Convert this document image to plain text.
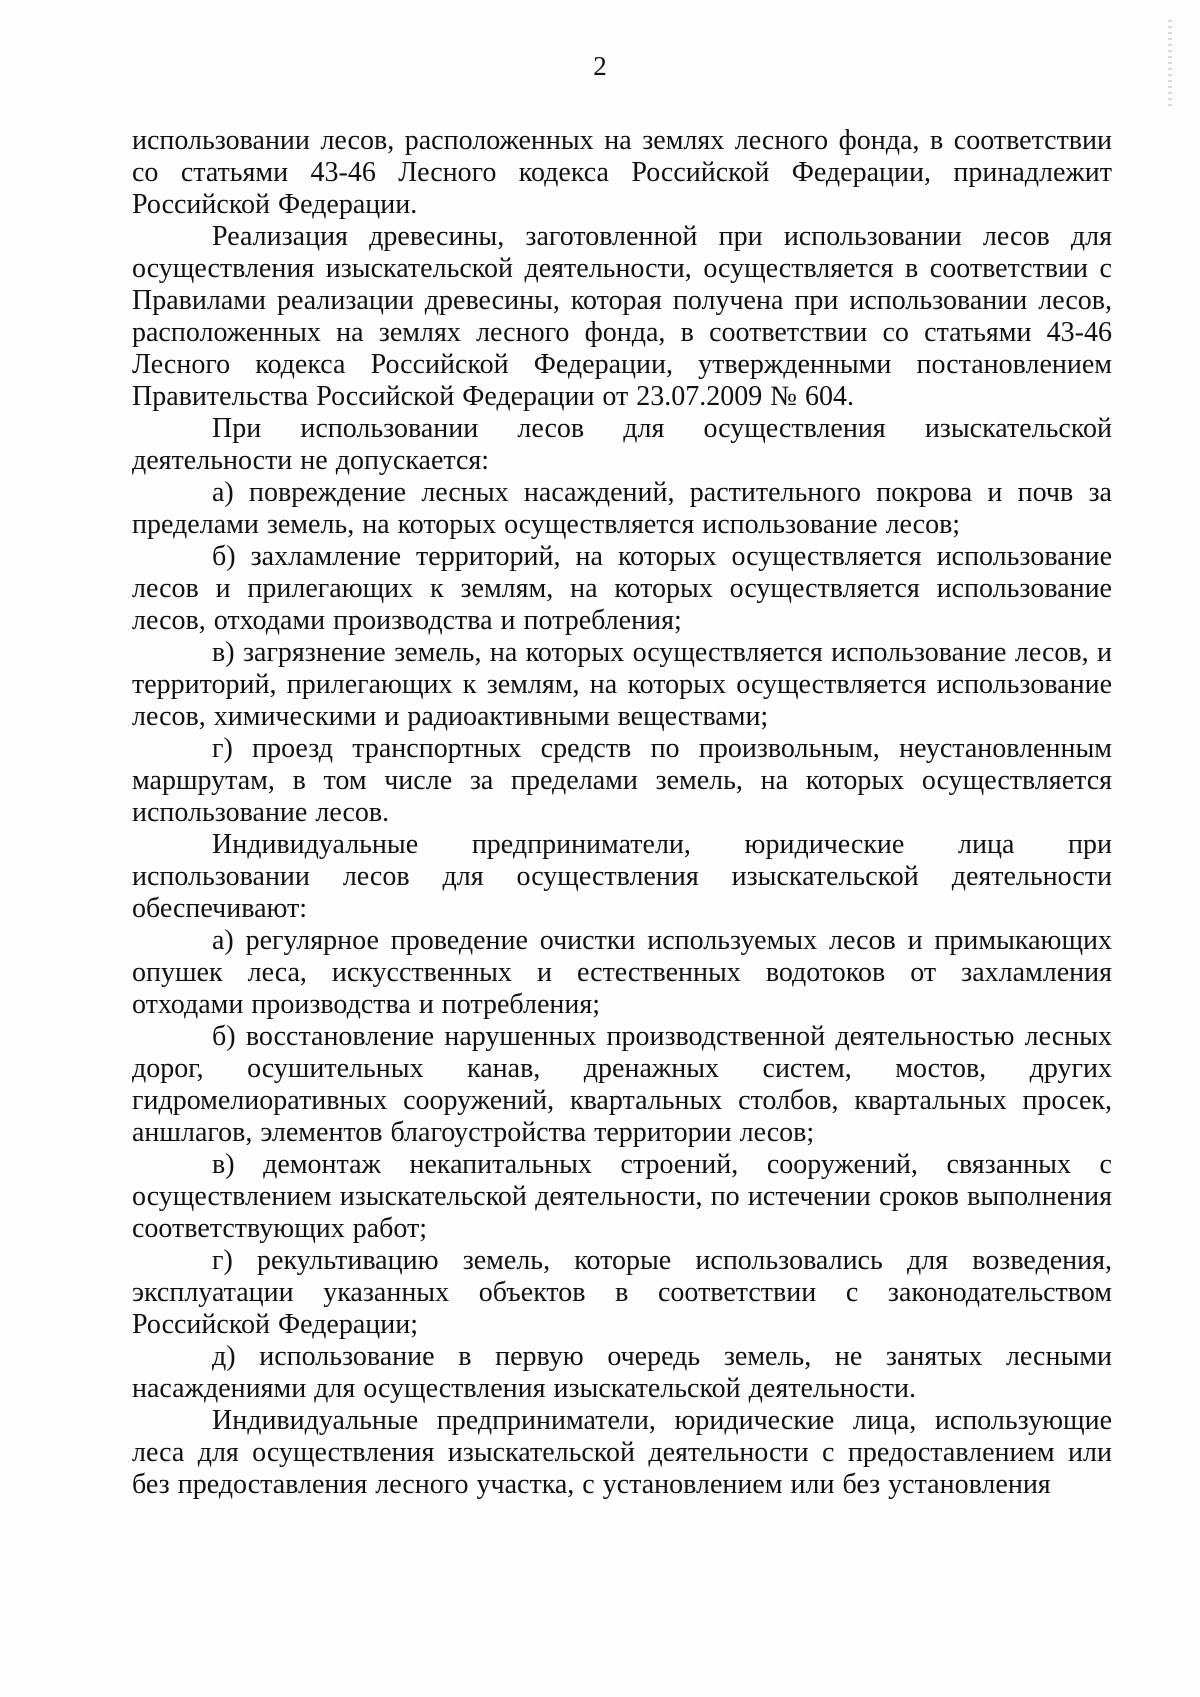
2

использовании лесов, расположенных на землях лесного фонда, в соответствии со статьями 43-46 Лесного кодекса Российской Федерации, принадлежит Российской Федерации.

Реализация древесины, заготовленной при использовании лесов для осуществления изыскательской деятельности, осуществляется в соответствии с Правилами реализации древесины, которая получена при использовании лесов, расположенных на землях лесного фонда, в соответствии со статьями 43-46 Лесного кодекса Российской Федерации, утвержденными постановлением Правительства Российской Федерации от 23.07.2009 № 604.

При использовании лесов для осуществления изыскательской деятельности не допускается:

а) повреждение лесных насаждений, растительного покрова и почв за пределами земель, на которых осуществляется использование лесов;

б) захламление территорий, на которых осуществляется использование лесов и прилегающих к землям, на которых осуществляется использование лесов, отходами производства и потребления;

в) загрязнение земель, на которых осуществляется использование лесов, и территорий, прилегающих к землям, на которых осуществляется использование лесов, химическими и радиоактивными веществами;

г) проезд транспортных средств по произвольным, неустановленным маршрутам, в том числе за пределами земель, на которых осуществляется использование лесов.

Индивидуальные предприниматели, юридические лица при использовании лесов для осуществления изыскательской деятельности обеспечивают:

а) регулярное проведение очистки используемых лесов и примыкающих опушек леса, искусственных и естественных водотоков от захламления отходами производства и потребления;

б) восстановление нарушенных производственной деятельностью лесных дорог, осушительных канав, дренажных систем, мостов, других гидромелиоративных сооружений, квартальных столбов, квартальных просек, аншлагов, элементов благоустройства территории лесов;

в) демонтаж некапитальных строений, сооружений, связанных с осуществлением изыскательской деятельности, по истечении сроков выполнения соответствующих работ;

г) рекультивацию земель, которые использовались для возведения, эксплуатации указанных объектов в соответствии с законодательством Российской Федерации;

д) использование в первую очередь земель, не занятых лесными насаждениями для осуществления изыскательской деятельности.

Индивидуальные предприниматели, юридические лица, использующие леса для осуществления изыскательской деятельности с предоставлением или без предоставления лесного участка, с установлением или без установления
